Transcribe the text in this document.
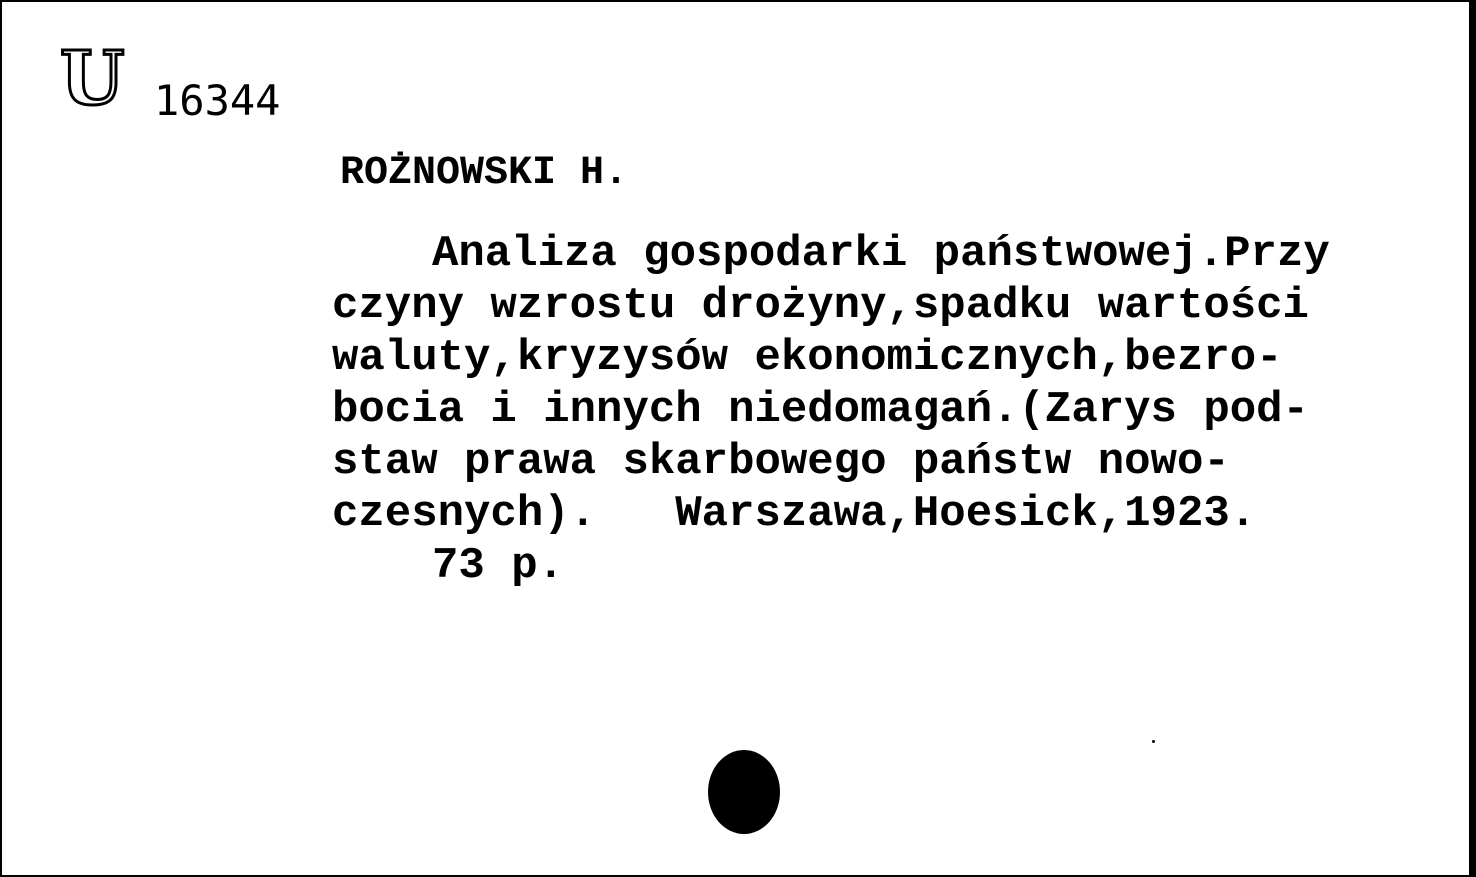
U 16344
ROŻNOWSKI H.
Analiza gospodarki państwowej.Przy
czyny wzrostu drożyny,spadku wartości
waluty,kryzysów ekonomicznych,bezro-
bocia i innych niedomagań.(Zarys pod-
staw prawa skarbowego państw nowo-
czesnych).   Warszawa,Hoesick,1923.
73 p.
